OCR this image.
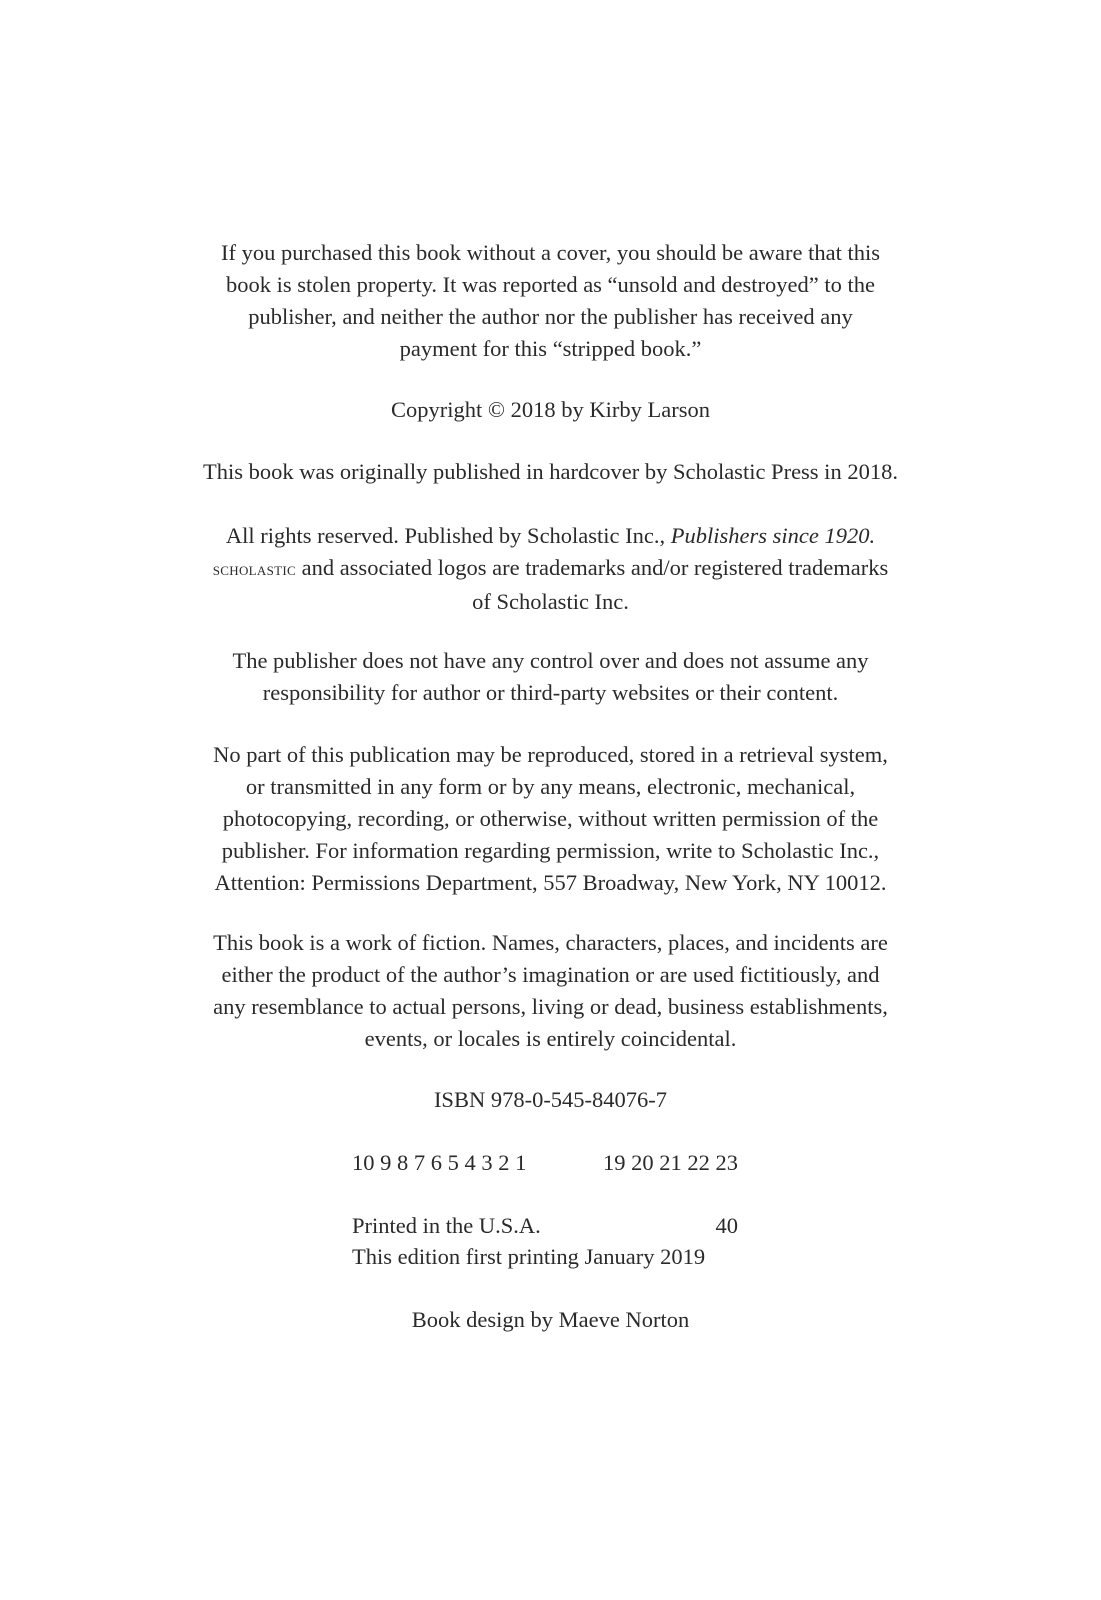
If you purchased this book without a cover, you should be aware that this
book is stolen property. It was reported as “unsold and destroyed” to the
publisher, and neither the author nor the publisher has received any
payment for this “stripped book.”

Copyright © 2018 by Kirby Larson

This book was originally published in hardcover by Scholastic Press in 2018.

All rights reserved. Published by Scholastic Inc., Publishers since 1920.
scholastic and associated logos are trademarks and/or registered trademarks
of Scholastic Inc.

The publisher does not have any control over and does not assume any
responsibility for author or third-party websites or their content.

No part of this publication may be reproduced, stored in a retrieval system,
or transmitted in any form or by any means, electronic, mechanical,
photocopying, recording, or otherwise, without written permission of the
publisher. For information regarding permission, write to Scholastic Inc.,
Attention: Permissions Department, 557 Broadway, New York, NY 10012.

This book is a work of fiction. Names, characters, places, and incidents are
either the product of the author’s imagination or are used fictitiously, and
any resemblance to actual persons, living or dead, business establishments,
events, or locales is entirely coincidental.

ISBN 978-0-545-84076-7

10 9 8 7 6 5 4 3 2 1	19 20 21 22 23
Printed in the U.S.A.	40
This edition first printing January 2019

Book design by Maeve Norton
